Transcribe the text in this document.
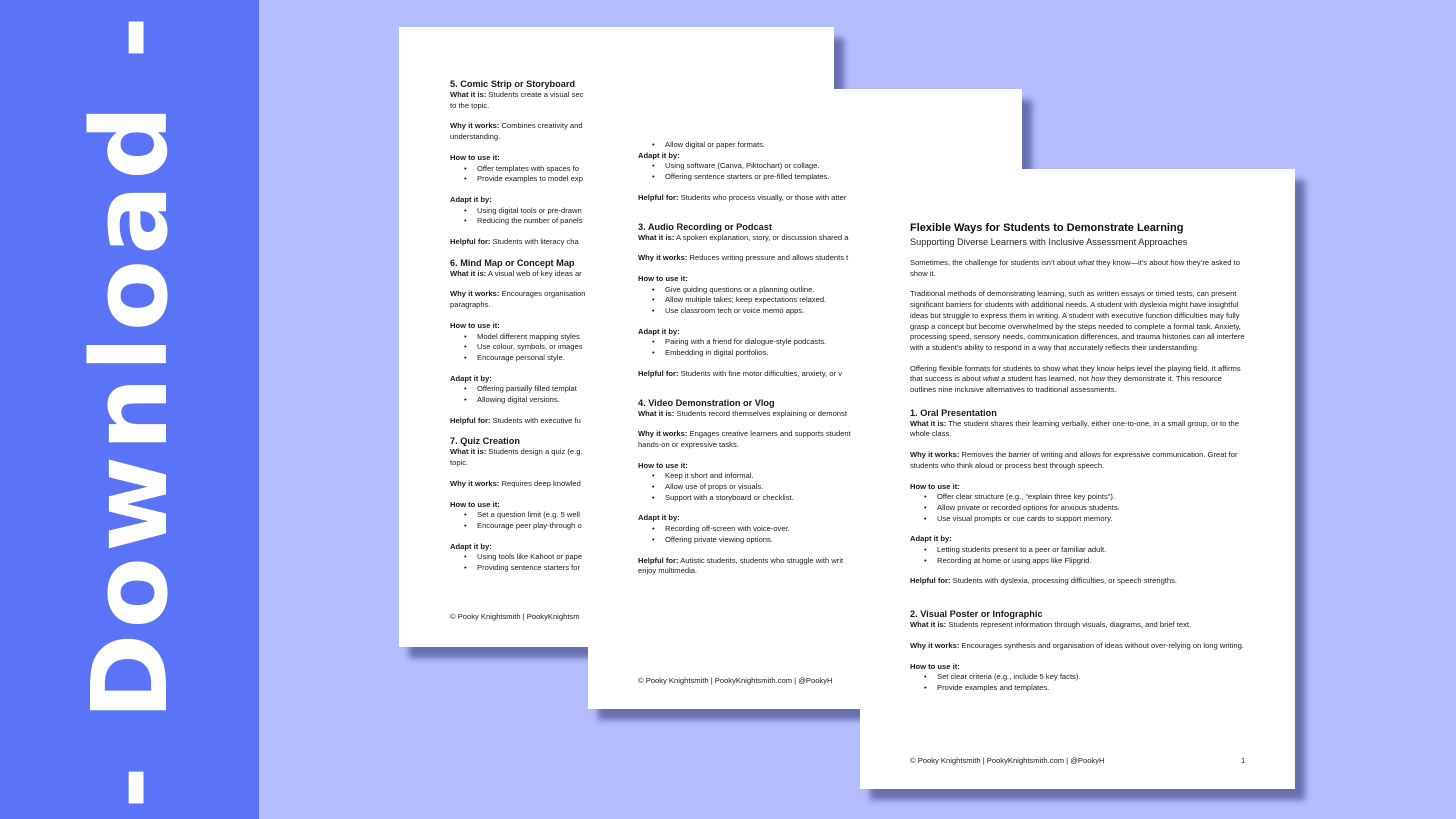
- Download -	5. Comic Strip or Storyboard

What it is: Students create a visual sec

to the topic.

Why it works: Combines creativity and

understanding.

How to use it:
• Offer templates with spaces fo
• Provide examples to model exp
Adapt it by:
• Using digital tools or pre-drawn
• Reducing the number of panels

Helpful for: Students with literacy cha

6. Mind Map or Concept Map

What it is: A visual web of key ideas ar

Why it works: Encourages organisation

paragraphs.

How to use it:
• Model different mapping styles
• Use colour, symbols, or images
• Encourage personal style.
Adapt it by:
• Offering partially filled templat
• Allowing digital versions.

Helpful for: Students with executive fu

7. Quiz Creation

What it is: Students design a quiz (e.g.

topic.

Why it works: Requires deep knowled

How to use it:
• Set a question limit (e.g. 5 well
• Encourage peer play-through o
Adapt it by:
• Using tools like Kahoot or pape
• Providing sentence starters for
© Pooky Knightsmith | PookyKnightsm
• Allow digital or paper formats.
Adapt it by:
• Using software (Canva, Piktochart) or collage.
• Offering sentence starters or pre-filled templates.

Helpful for: Students who process visually, or those with atter

3. Audio Recording or Podcast

What it is: A spoken explanation, story, or discussion shared a

Why it works: Reduces writing pressure and allows students t

How to use it:
• Give guiding questions or a planning outline.
• Allow multiple takes; keep expectations relaxed.
• Use classroom tech or voice memo apps.
Adapt it by:
• Pairing with a friend for dialogue-style podcasts.
• Embedding in digital portfolios.

Helpful for: Students with fine motor difficulties, anxiety, or v

4. Video Demonstration or Vlog

What it is: Students record themselves explaining or demonst

Why it works: Engages creative learners and supports student

hands-on or expressive tasks.

How to use it:
• Keep it short and informal.
• Allow use of props or visuals.
• Support with a storyboard or checklist.
Adapt it by:
• Recording off-screen with voice-over.
• Offering private viewing options.

Helpful for: Autistic students, students who struggle with writ

enjoy multimedia.

© Pooky Knightsmith | PookyKnightsmith.com | @PookyH
Flexible Ways for Students to Demonstrate Learning
Supporting Diverse Learners with Inclusive Assessment Approaches

Sometimes, the challenge for students isn’t about what they know—it’s about how they’re asked to show it.

Traditional methods of demonstrating learning, such as written essays or timed tests, can present significant barriers for students with additional needs. A student with dyslexia might have insightful ideas but struggle to express them in writing. A student with executive function difficulties may fully grasp a concept but become overwhelmed by the steps needed to complete a formal task. Anxiety, processing speed, sensory needs, communication differences, and trauma histories can all interfere with a student’s ability to respond in a way that accurately reflects their understanding.

Offering flexible formats for students to show what they know helps level the playing field. It affirms that success is about what a student has learned, not how they demonstrate it. This resource outlines nine inclusive alternatives to traditional assessments.

1. Oral Presentation

What it is: The student shares their learning verbally, either one-to-one, in a small group, or to the whole class.

Why it works: Removes the barrier of writing and allows for expressive communication. Great for students who think aloud or process best through speech.

How to use it:
• Offer clear structure (e.g., “explain three key points”).
• Allow private or recorded options for anxious students.
• Use visual prompts or cue cards to support memory.
Adapt it by:
• Letting students present to a peer or familiar adult.
• Recording at home or using apps like Flipgrid.

Helpful for: Students with dyslexia, processing difficulties, or speech strengths.

2. Visual Poster or Infographic

What it is: Students represent information through visuals, diagrams, and brief text.

Why it works: Encourages synthesis and organisation of ideas without over-relying on long writing.

How to use it:
• Set clear criteria (e.g., include 5 key facts).
• Provide examples and templates.
© Pooky Knightsmith | PookyKnightsmith.com | @PookyH	1
